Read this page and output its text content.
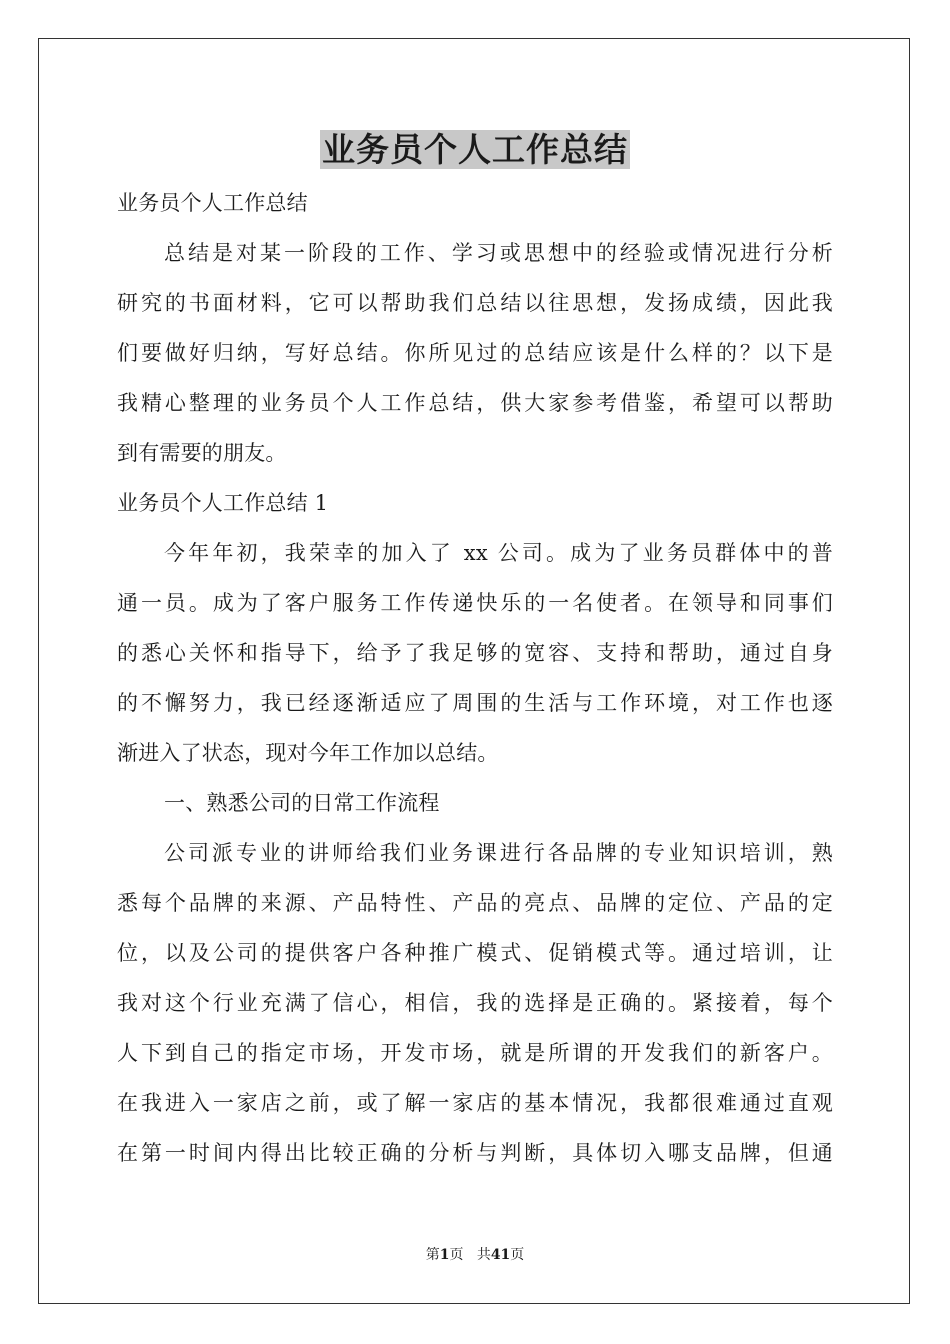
业务员个人工作总结
业务员个人工作总结
总结是对某一阶段的工作、学习或思想中的经验或情况进行分析
研究的书面材料，它可以帮助我们总结以往思想，发扬成绩，因此我
们要做好归纳，写好总结。你所见过的总结应该是什么样的？以下是
我精心整理的业务员个人工作总结，供大家参考借鉴，希望可以帮助
到有需要的朋友。
业务员个人工作总结 1
今年年初，我荣幸的加入了 xx 公司。成为了业务员群体中的普
通一员。成为了客户服务工作传递快乐的一名使者。在领导和同事们
的悉心关怀和指导下，给予了我足够的宽容、支持和帮助，通过自身
的不懈努力，我已经逐渐适应了周围的生活与工作环境，对工作也逐
渐进入了状态，现对今年工作加以总结。
一、熟悉公司的日常工作流程
公司派专业的讲师给我们业务课进行各品牌的专业知识培训，熟
悉每个品牌的来源、产品特性、产品的亮点、品牌的定位、产品的定
位，以及公司的提供客户各种推广模式、促销模式等。通过培训，让
我对这个行业充满了信心，相信，我的选择是正确的。紧接着，每个
人下到自己的指定市场，开发市场，就是所谓的开发我们的新客户。
在我进入一家店之前，或了解一家店的基本情况，我都很难通过直观
在第一时间内得出比较正确的分析与判断，具体切入哪支品牌，但通
第1页 共41页
